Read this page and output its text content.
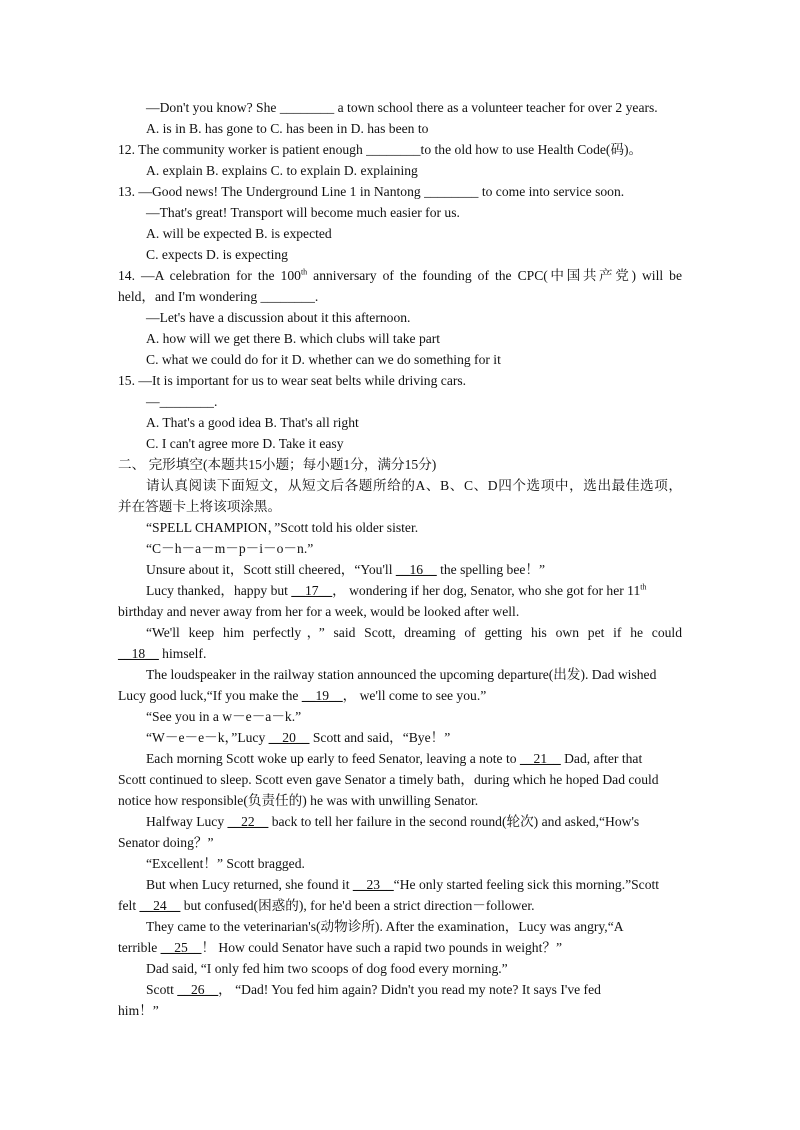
—Don't you know? She ________ a town school there as a volunteer teacher for over 2 years.
A. is in B. has gone to C. has been in D. has been to
12. The community worker is patient enough ________to the old how to use Health Code(码)。
A. explain B. explains C. to explain D. explaining
13. —Good news! The Underground Line 1 in Nantong ________ to come into service soon.
—That's great! Transport will become much easier for us.
A. will be expected B. is expected
C. expects D. is expecting
14. —A celebration for the 100th anniversary of the founding of the CPC(中国共产党) will be
held，and I'm wondering ________.
—Let's have a discussion about it this afternoon.
A. how will we get there B. which clubs will take part
C. what we could do for it D. whether can we do something for it
15. —It is important for us to wear seat belts while driving cars.
—________.
A. That's a good idea B. That's all right
C. I can't agree more D. Take it easy
二、 完形填空(本题共15小题；每小题1分，满分15分)
请认真阅读下面短文，从短文后各题所给的A、B、C、D四个选项中，选出最佳选项，
并在答题卡上将该项涂黑。
“SPELL CHAMPION，”Scott told his older sister.
“C－h－a－m－p－i－o－n.”
Unsure about it，Scott still cheered，“You'll __16__ the spelling bee！”
Lucy thanked，happy but __17__， wondering if her dog, Senator, who she got for her 11th
birthday and never away from her for a week, would be looked after well.
“We'll keep him perfectly，” said Scott, dreaming of getting his own pet if he could
__18__ himself.
The loudspeaker in the railway station announced the upcoming departure(出发). Dad wished
Lucy good luck,“If you make the __19__， we'll come to see you.”
“See you in a w－e－a－k.”
“W－e－e－k，”Lucy __20__ Scott and said，“Bye！”
Each morning Scott woke up early to feed Senator, leaving a note to __21__ Dad, after that
Scott continued to sleep. Scott even gave Senator a timely bath，during which he hoped Dad could
notice how responsible(负责任的) he was with unwilling Senator.
Halfway Lucy __22__ back to tell her failure in the second round(轮次) and asked,“How's
Senator doing？”
“Excellent！” Scott bragged.
But when Lucy returned, she found it __23__“He only started feeling sick this morning.”Scott
felt __24__ but confused(困惑的), for he'd been a strict direction－follower.
They came to the veterinarian's(动物诊所). After the examination，Lucy was angry,“A
terrible __25__！ How could Senator have such a rapid two pounds in weight？”
Dad said, “I only fed him two scoops of dog food every morning.”
Scott __26__， “Dad! You fed him again? Didn't you read my note? It says I've fed
him！”
